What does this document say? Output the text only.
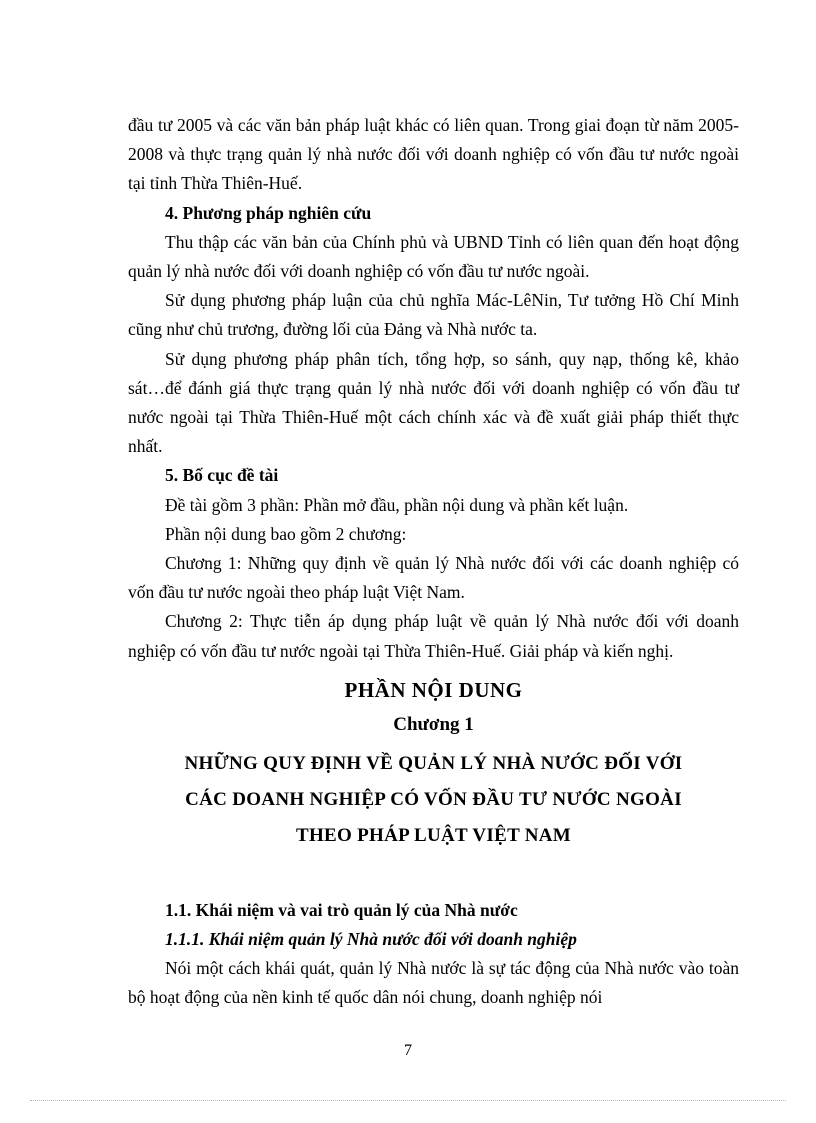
đầu tư 2005 và các văn bản pháp luật khác có liên quan. Trong giai đoạn từ năm 2005-2008 và thực trạng quản lý nhà nước đối với doanh nghiệp có vốn đầu tư nước ngoài tại tỉnh Thừa Thiên-Huế.

4. Phương pháp nghiên cứu

Thu thập các văn bản của Chính phủ và UBND Tỉnh có liên quan đến hoạt động quản lý nhà nước đối với doanh nghiệp có vốn đầu tư nước ngoài.

Sử dụng phương pháp luận của chủ nghĩa Mác-LêNin, Tư tưởng Hồ Chí Minh cũng như chủ trương, đường lối của Đảng và Nhà nước ta.

Sử dụng phương pháp phân tích, tổng hợp, so sánh, quy nạp, thống kê, khảo sát…để đánh giá thực trạng quản lý nhà nước đối với doanh nghiệp có vốn đầu tư nước ngoài tại Thừa Thiên-Huế một cách chính xác và đề xuất giải pháp thiết thực nhất.

5. Bố cục đề tài

Đề tài gồm 3 phần: Phần mở đầu, phần nội dung và phần kết luận.

Phần nội dung bao gồm 2 chương:

Chương 1: Những quy định về quản lý Nhà nước đối với các doanh nghiệp có vốn đầu tư nước ngoài theo pháp luật Việt Nam.

Chương 2: Thực tiễn áp dụng pháp luật về quản lý Nhà nước đối với doanh nghiệp có vốn đầu tư nước ngoài tại Thừa Thiên-Huế. Giải pháp và kiến nghị.

PHẦN NỘI DUNG
Chương 1
NHỮNG QUY ĐỊNH VỀ QUẢN LÝ NHÀ NƯỚC ĐỐI VỚI
CÁC DOANH NGHIỆP CÓ VỐN ĐẦU TƯ NƯỚC NGOÀI
THEO PHÁP LUẬT VIỆT NAM

1.1. Khái niệm và vai trò quản lý của Nhà nước

1.1.1. Khái niệm quản lý Nhà nước đối với doanh nghiệp

Nói một cách khái quát, quản lý Nhà nước là sự tác động của Nhà nước vào toàn bộ hoạt động của nền kinh tế quốc dân nói chung, doanh nghiệp nói

7
